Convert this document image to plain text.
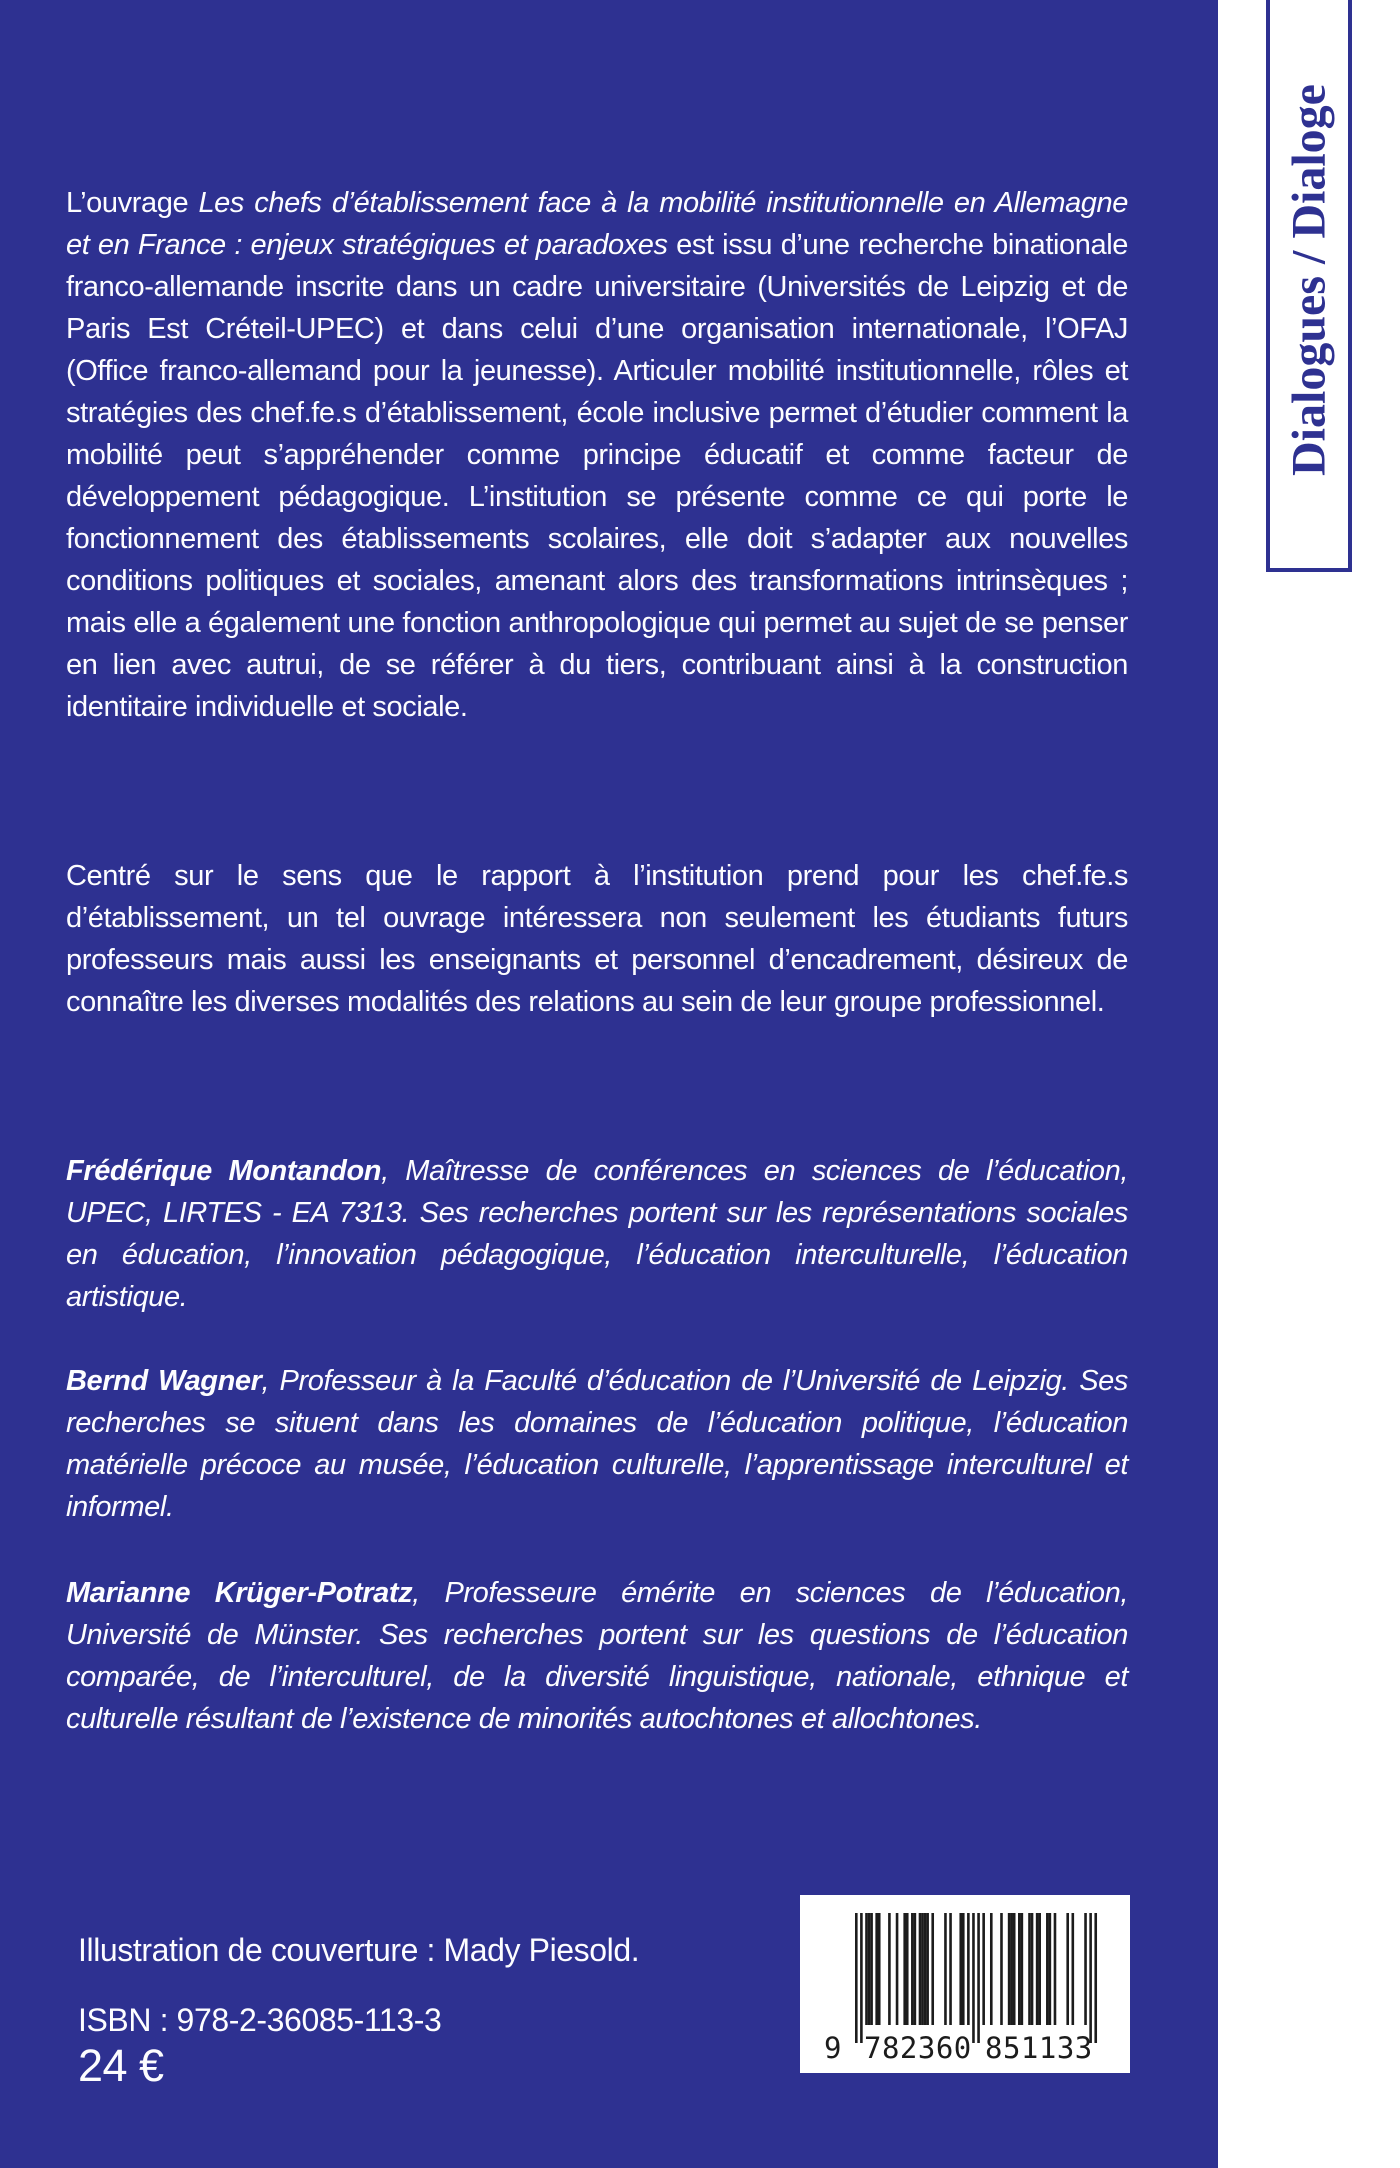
L’ouvrage Les chefs d’établissement face à la mobilité institutionnelle en Allemagne et en France : enjeux stratégiques et paradoxes est issu d’une recherche binationale franco-allemande inscrite dans un cadre universitaire (Universités de Leipzig et de Paris Est Créteil-UPEC) et dans celui d’une organisation internationale, l’OFAJ (Office franco-allemand pour la jeunesse). Articuler mobilité institutionnelle, rôles et stratégies des chef.fe.s d’établissement, école inclusive permet d’étudier comment la mobilité peut s’appréhender comme principe éducatif et comme facteur de développement pédagogique. L’institution se présente comme ce qui porte le fonctionnement des établissements scolaires, elle doit s’adapter aux nouvelles conditions politiques et sociales, amenant alors des transformations intrinsèques ; mais elle a également une fonction anthropologique qui permet au sujet de se penser en lien avec autrui, de se référer à du tiers, contribuant ainsi à la construction identitaire individuelle et sociale.

Centré sur le sens que le rapport à l’institution prend pour les chef.fe.s d’établissement, un tel ouvrage intéressera non seulement les étudiants futurs professeurs mais aussi les enseignants et personnel d’encadrement, désireux de connaître les diverses modalités des relations au sein de leur groupe professionnel.

Frédérique Montandon, Maîtresse de conférences en sciences de l’éducation, UPEC, LIRTES - EA 7313. Ses recherches portent sur les représentations sociales en éducation, l’innovation pédagogique, l’éducation interculturelle, l’éducation artistique.

Bernd Wagner, Professeur à la Faculté d’éducation de l’Université de Leipzig. Ses recherches se situent dans les domaines de l’éducation politique, l’éducation matérielle précoce au musée, l’éducation culturelle, l’apprentissage interculturel et informel.

Marianne Krüger-Potratz, Professeure émérite en sciences de l’éducation, Université de Münster. Ses recherches portent sur les questions de l’éducation comparée, de l’interculturel, de la diversité linguistique, nationale, ethnique et culturelle résultant de l’existence de minorités autochtones et allochtones.

Illustration de couverture : Mady Piesold.

ISBN : 978-2-36085-113-3

24 €	9 782360 851133
Dialogues / Dialoge
